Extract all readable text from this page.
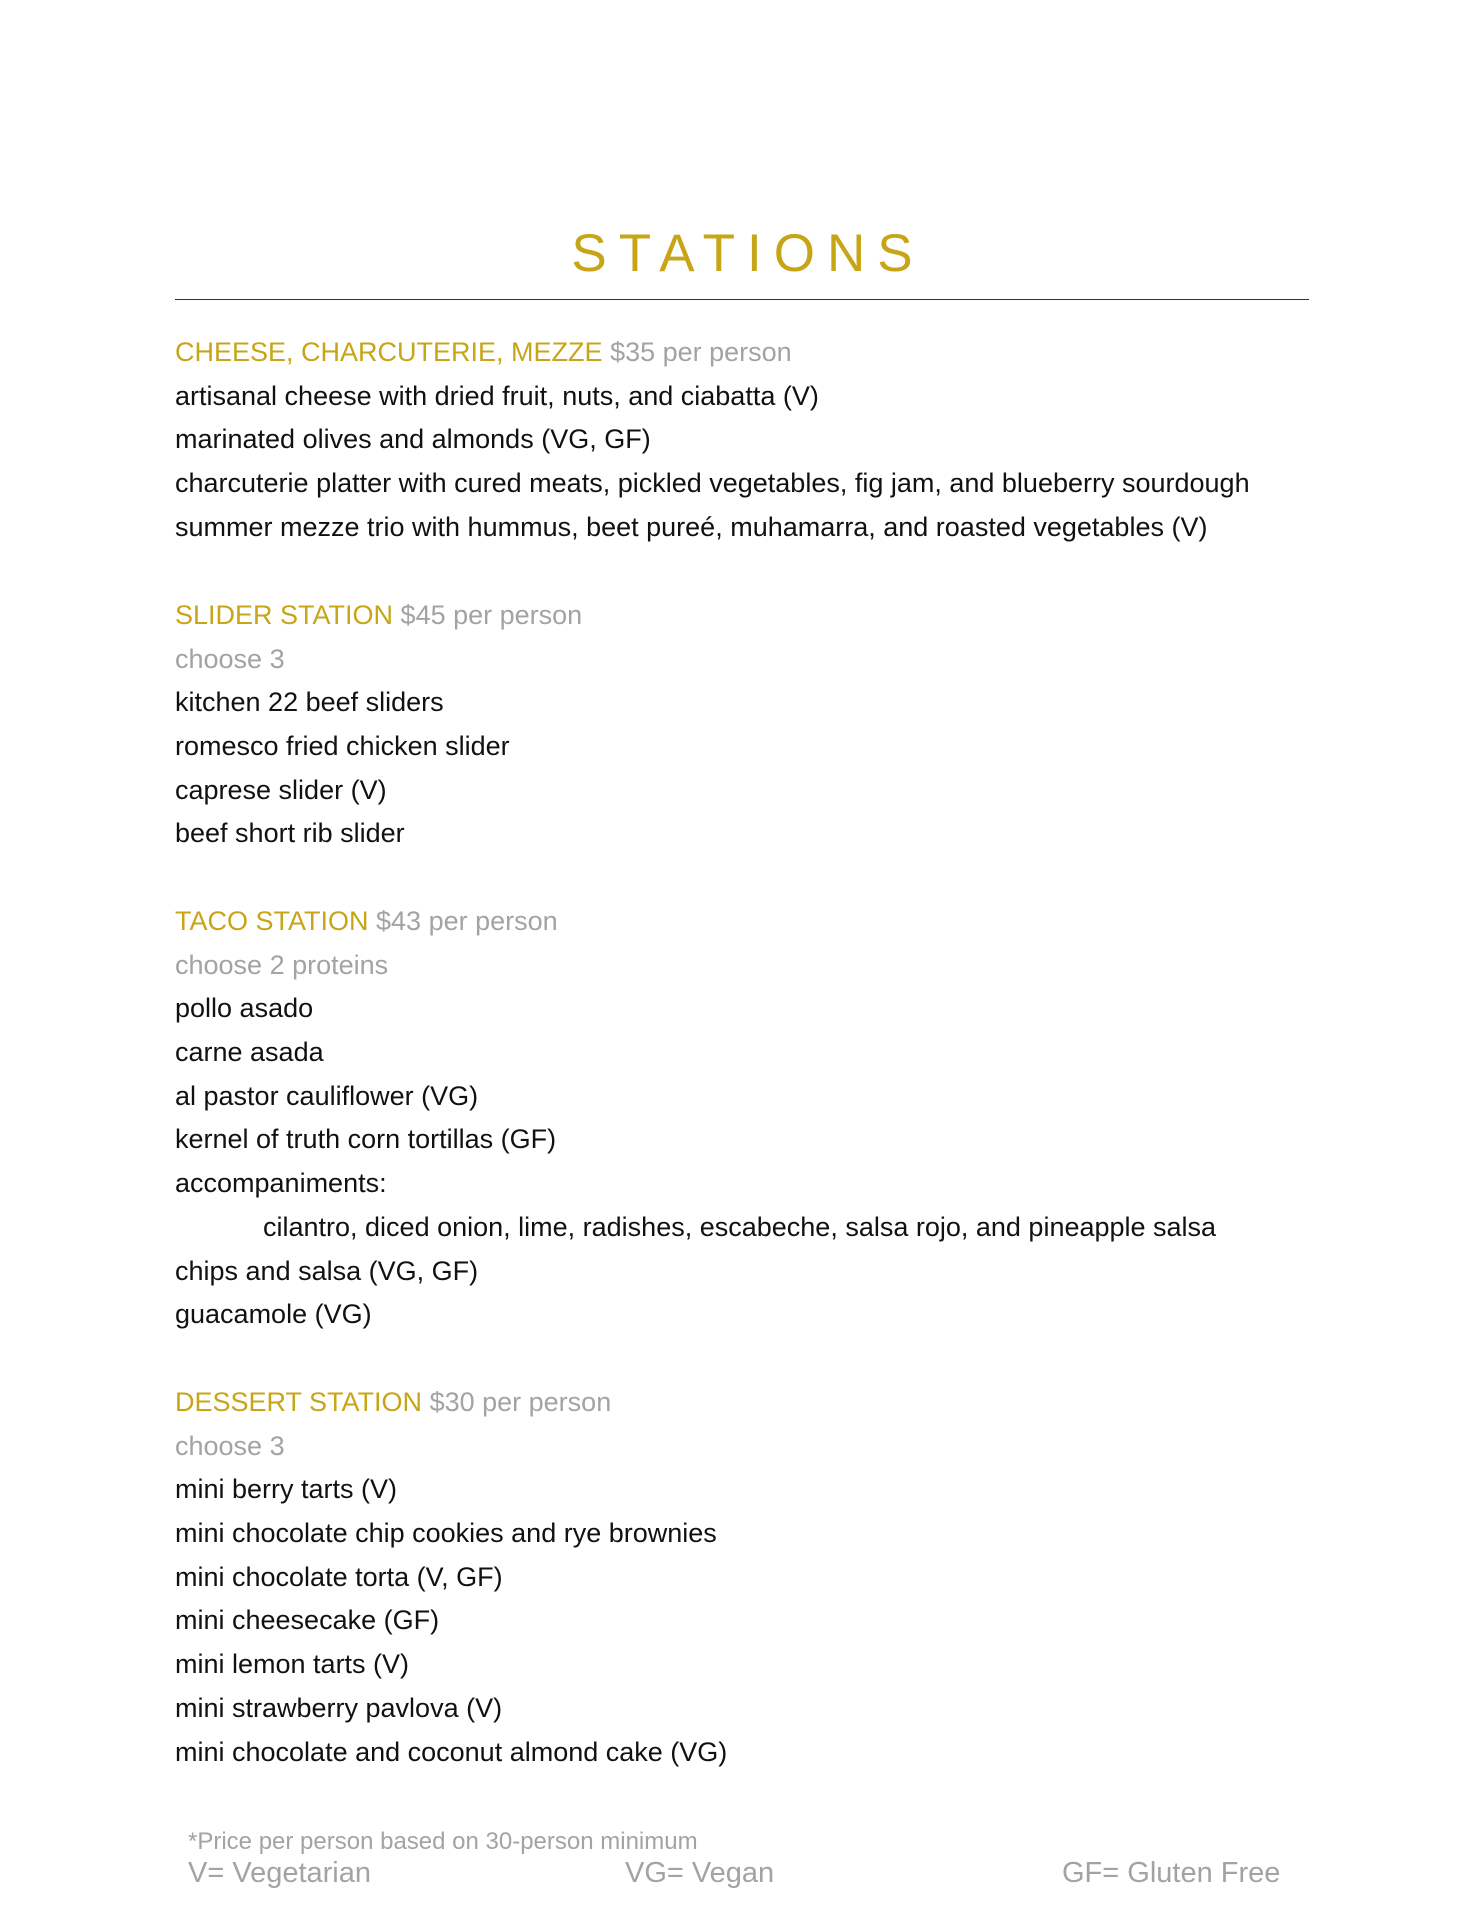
STATIONS
CHEESE, CHARCUTERIE, MEZZE $35 per person
artisanal cheese with dried fruit, nuts, and ciabatta (V)
marinated olives and almonds (VG, GF)
charcuterie platter with cured meats, pickled vegetables, fig jam, and blueberry sourdough
summer mezze trio with hummus, beet pureé, muhamarra, and roasted vegetables (V)
SLIDER STATION $45 per person
choose 3
kitchen 22 beef sliders
romesco fried chicken slider
caprese slider (V)
beef short rib slider
TACO STATION $43 per person
choose 2 proteins
pollo asado
carne asada
al pastor cauliflower (VG)
kernel of truth corn tortillas (GF)
accompaniments:
cilantro, diced onion, lime, radishes, escabeche, salsa rojo, and pineapple salsa
chips and salsa (VG, GF)
guacamole (VG)
DESSERT STATION $30 per person
choose 3
mini berry tarts (V)
mini chocolate chip cookies and rye brownies
mini chocolate torta (V, GF)
mini cheesecake (GF)
mini lemon tarts (V)
mini strawberry pavlova (V)
mini chocolate and coconut almond cake (VG)
*Price per person based on 30-person minimum
V= Vegetarian	VG= Vegan	GF= Gluten Free
